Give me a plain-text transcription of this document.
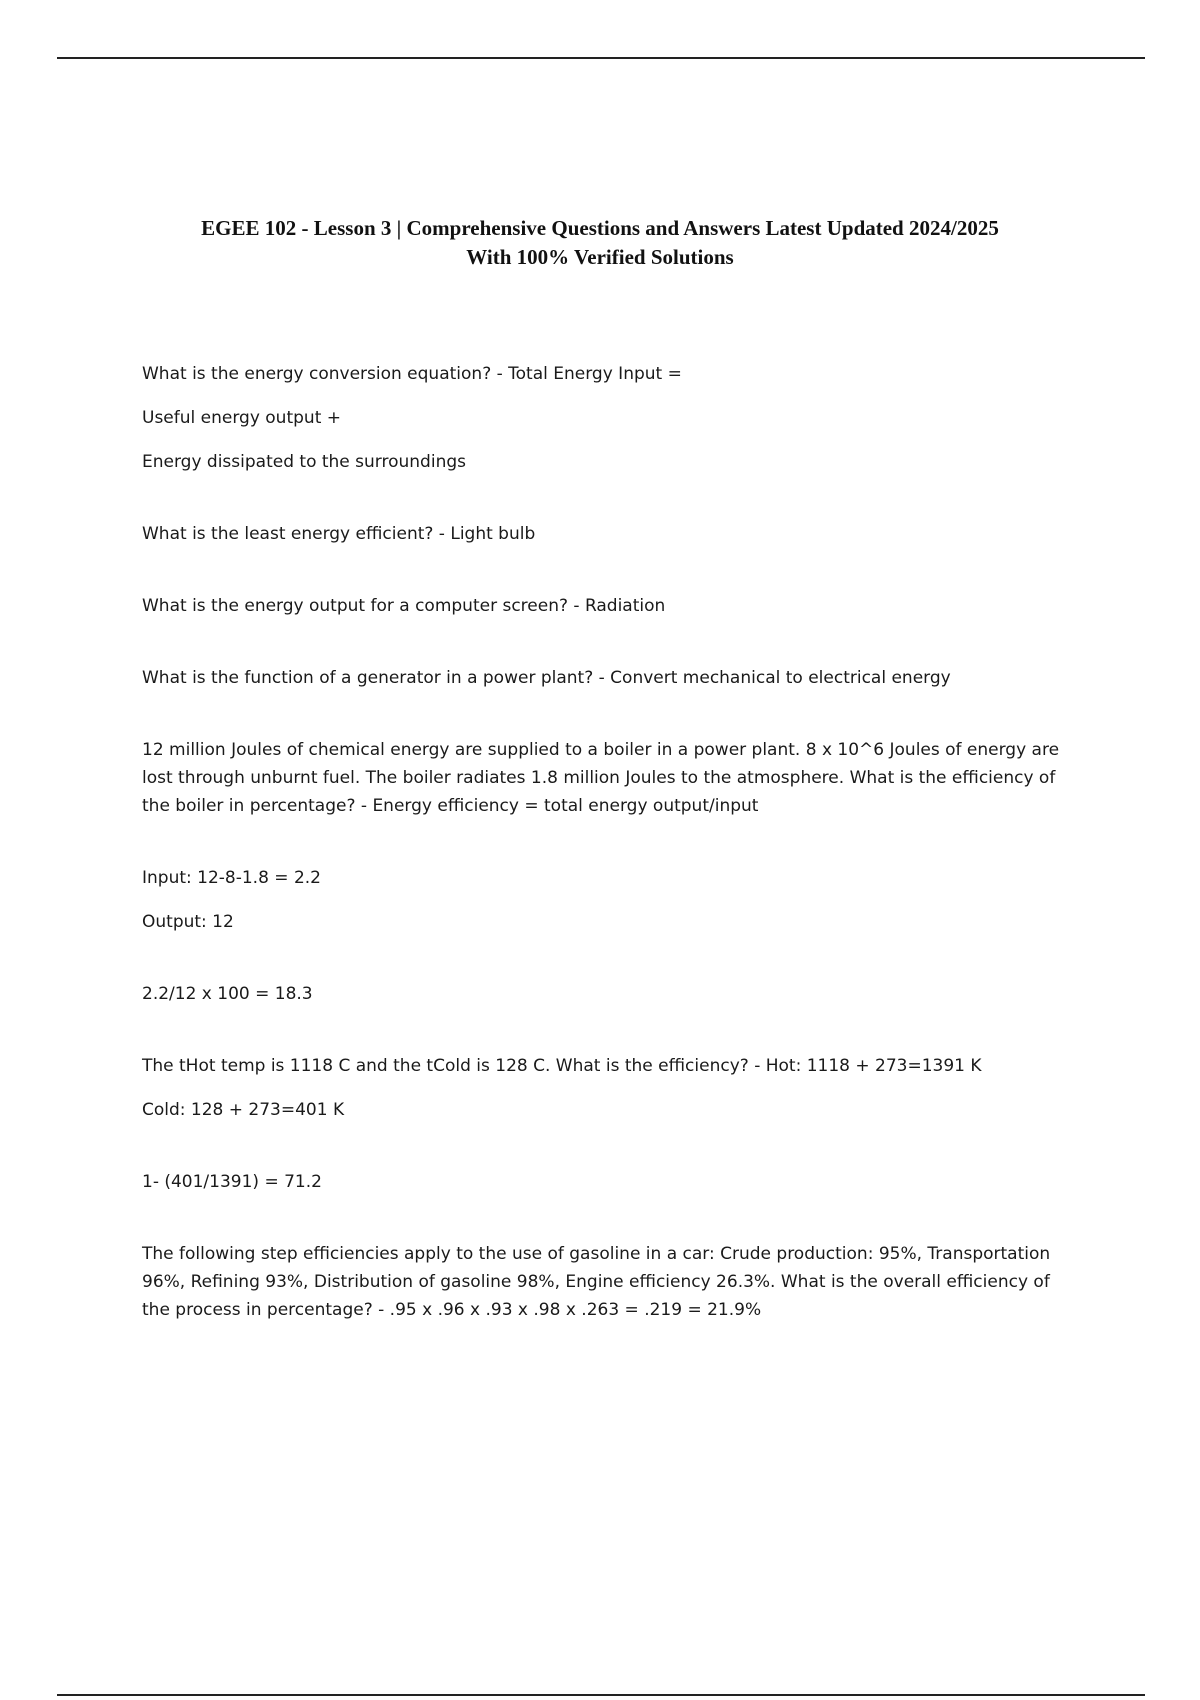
EGEE 102 - Lesson 3 | Comprehensive Questions and Answers Latest Updated 2024/2025
With 100% Verified Solutions
What is the energy conversion equation? - Total Energy Input =
Useful energy output +
Energy dissipated to the surroundings
What is the least energy efficient? - Light bulb
What is the energy output for a computer screen? - Radiation
What is the function of a generator in a power plant? - Convert mechanical to electrical energy
12 million Joules of chemical energy are supplied to a boiler in a power plant. 8 x 10^6 Joules of energy are lost through unburnt fuel. The boiler radiates 1.8 million Joules to the atmosphere. What is the efficiency of the boiler in percentage? - Energy efficiency = total energy output/input
Input: 12-8-1.8 = 2.2
Output: 12
2.2/12 x 100 = 18.3
The tHot temp is 1118 C and the tCold is 128 C. What is the efficiency? - Hot: 1118 + 273=1391 K
Cold: 128 + 273=401 K
1- (401/1391) = 71.2
The following step efficiencies apply to the use of gasoline in a car: Crude production: 95%, Transportation 96%, Refining 93%, Distribution of gasoline 98%, Engine efficiency 26.3%. What is the overall efficiency of the process in percentage? - .95 x .96 x .93 x .98 x .263 = .219 = 21.9%
